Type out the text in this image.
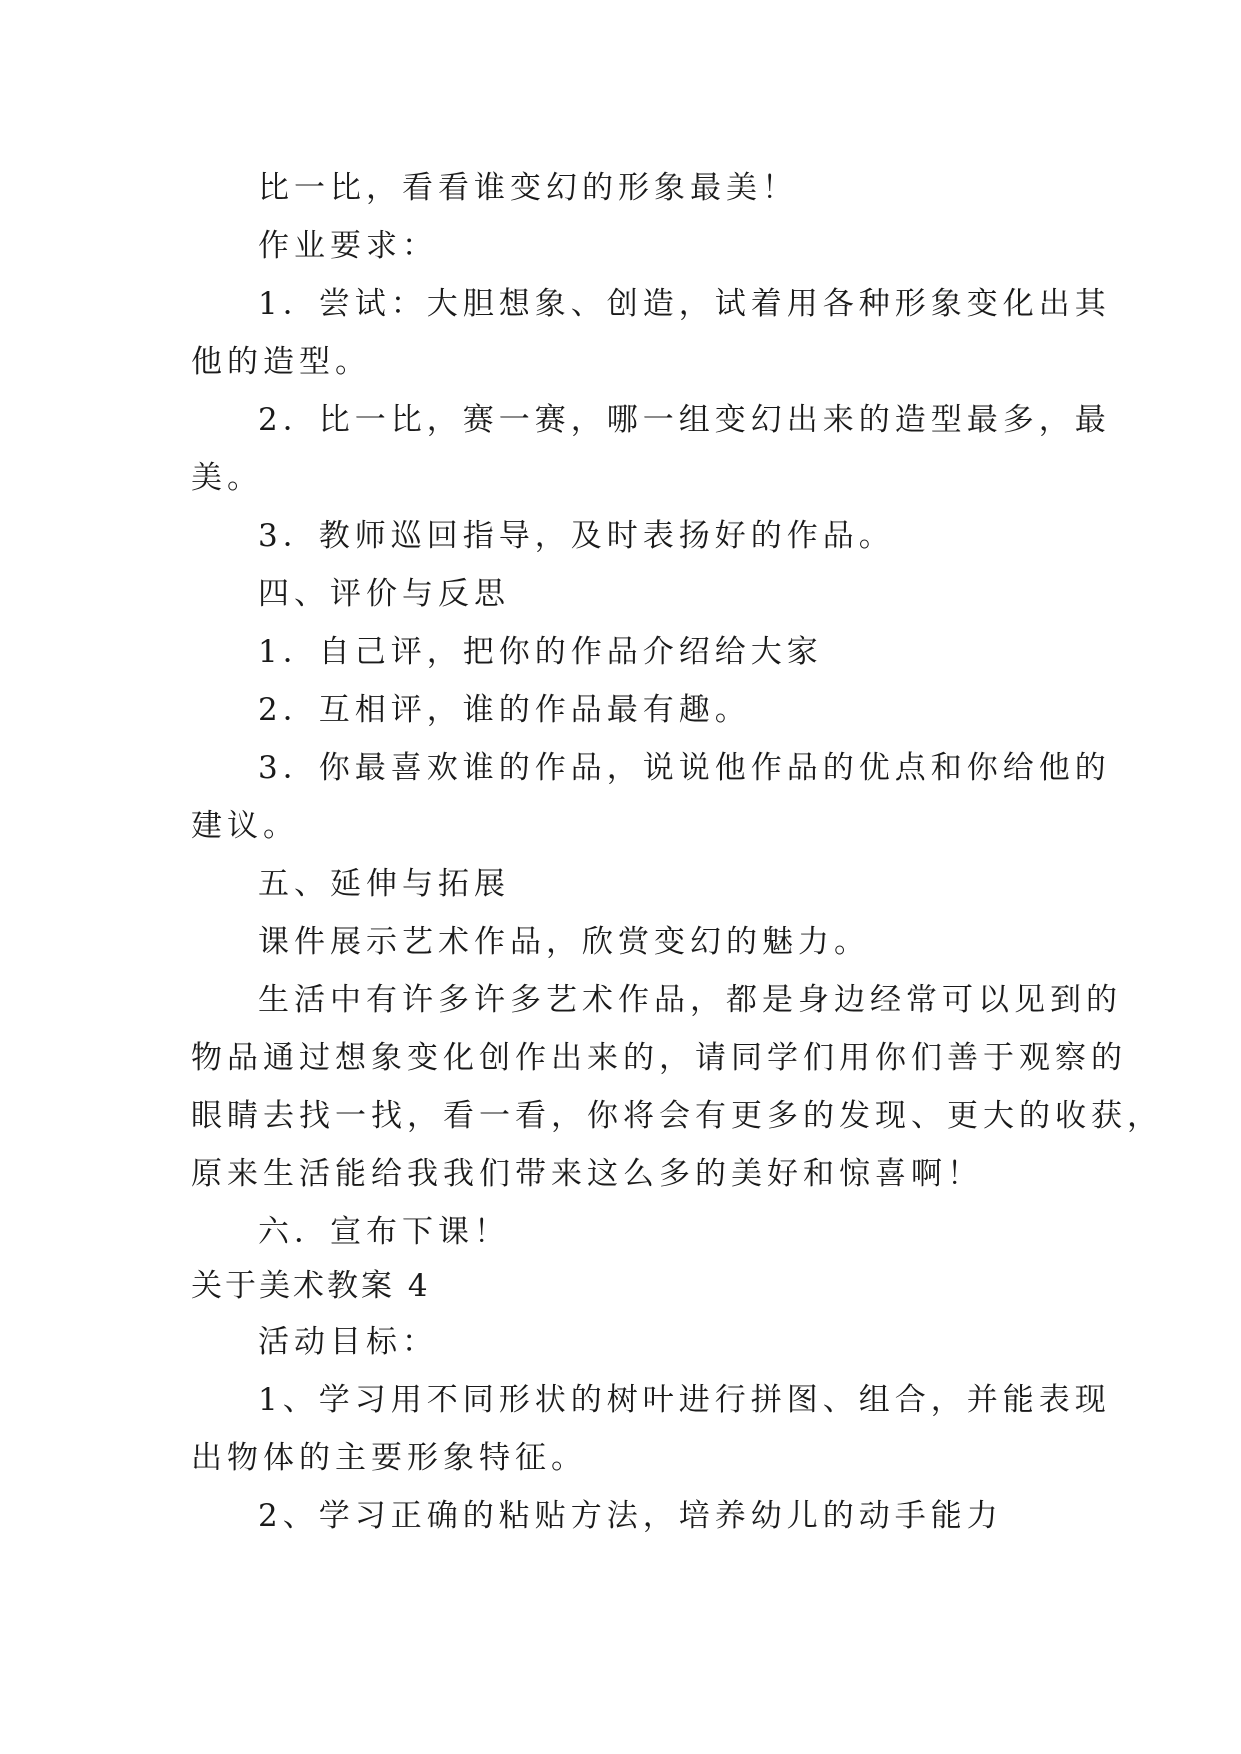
比一比，看看谁变幻的形象最美！
作业要求：
1．尝试：大胆想象、创造，试着用各种形象变化出其
他的造型。
2．比一比，赛一赛，哪一组变幻出来的造型最多，最
美。
3．教师巡回指导，及时表扬好的作品。
四、评价与反思
1．自己评，把你的作品介绍给大家
2．互相评，谁的作品最有趣。
3．你最喜欢谁的作品，说说他作品的优点和你给他的
建议。
五、延伸与拓展
课件展示艺术作品，欣赏变幻的魅力。
生活中有许多许多艺术作品，都是身边经常可以见到的
物品通过想象变化创作出来的，请同学们用你们善于观察的
眼睛去找一找，看一看，你将会有更多的发现、更大的收获，
原来生活能给我我们带来这么多的美好和惊喜啊！
六．宣布下课！
关于美术教案 4
活动目标：
1、学习用不同形状的树叶进行拼图、组合，并能表现
出物体的主要形象特征。
2、学习正确的粘贴方法，培养幼儿的动手能力
